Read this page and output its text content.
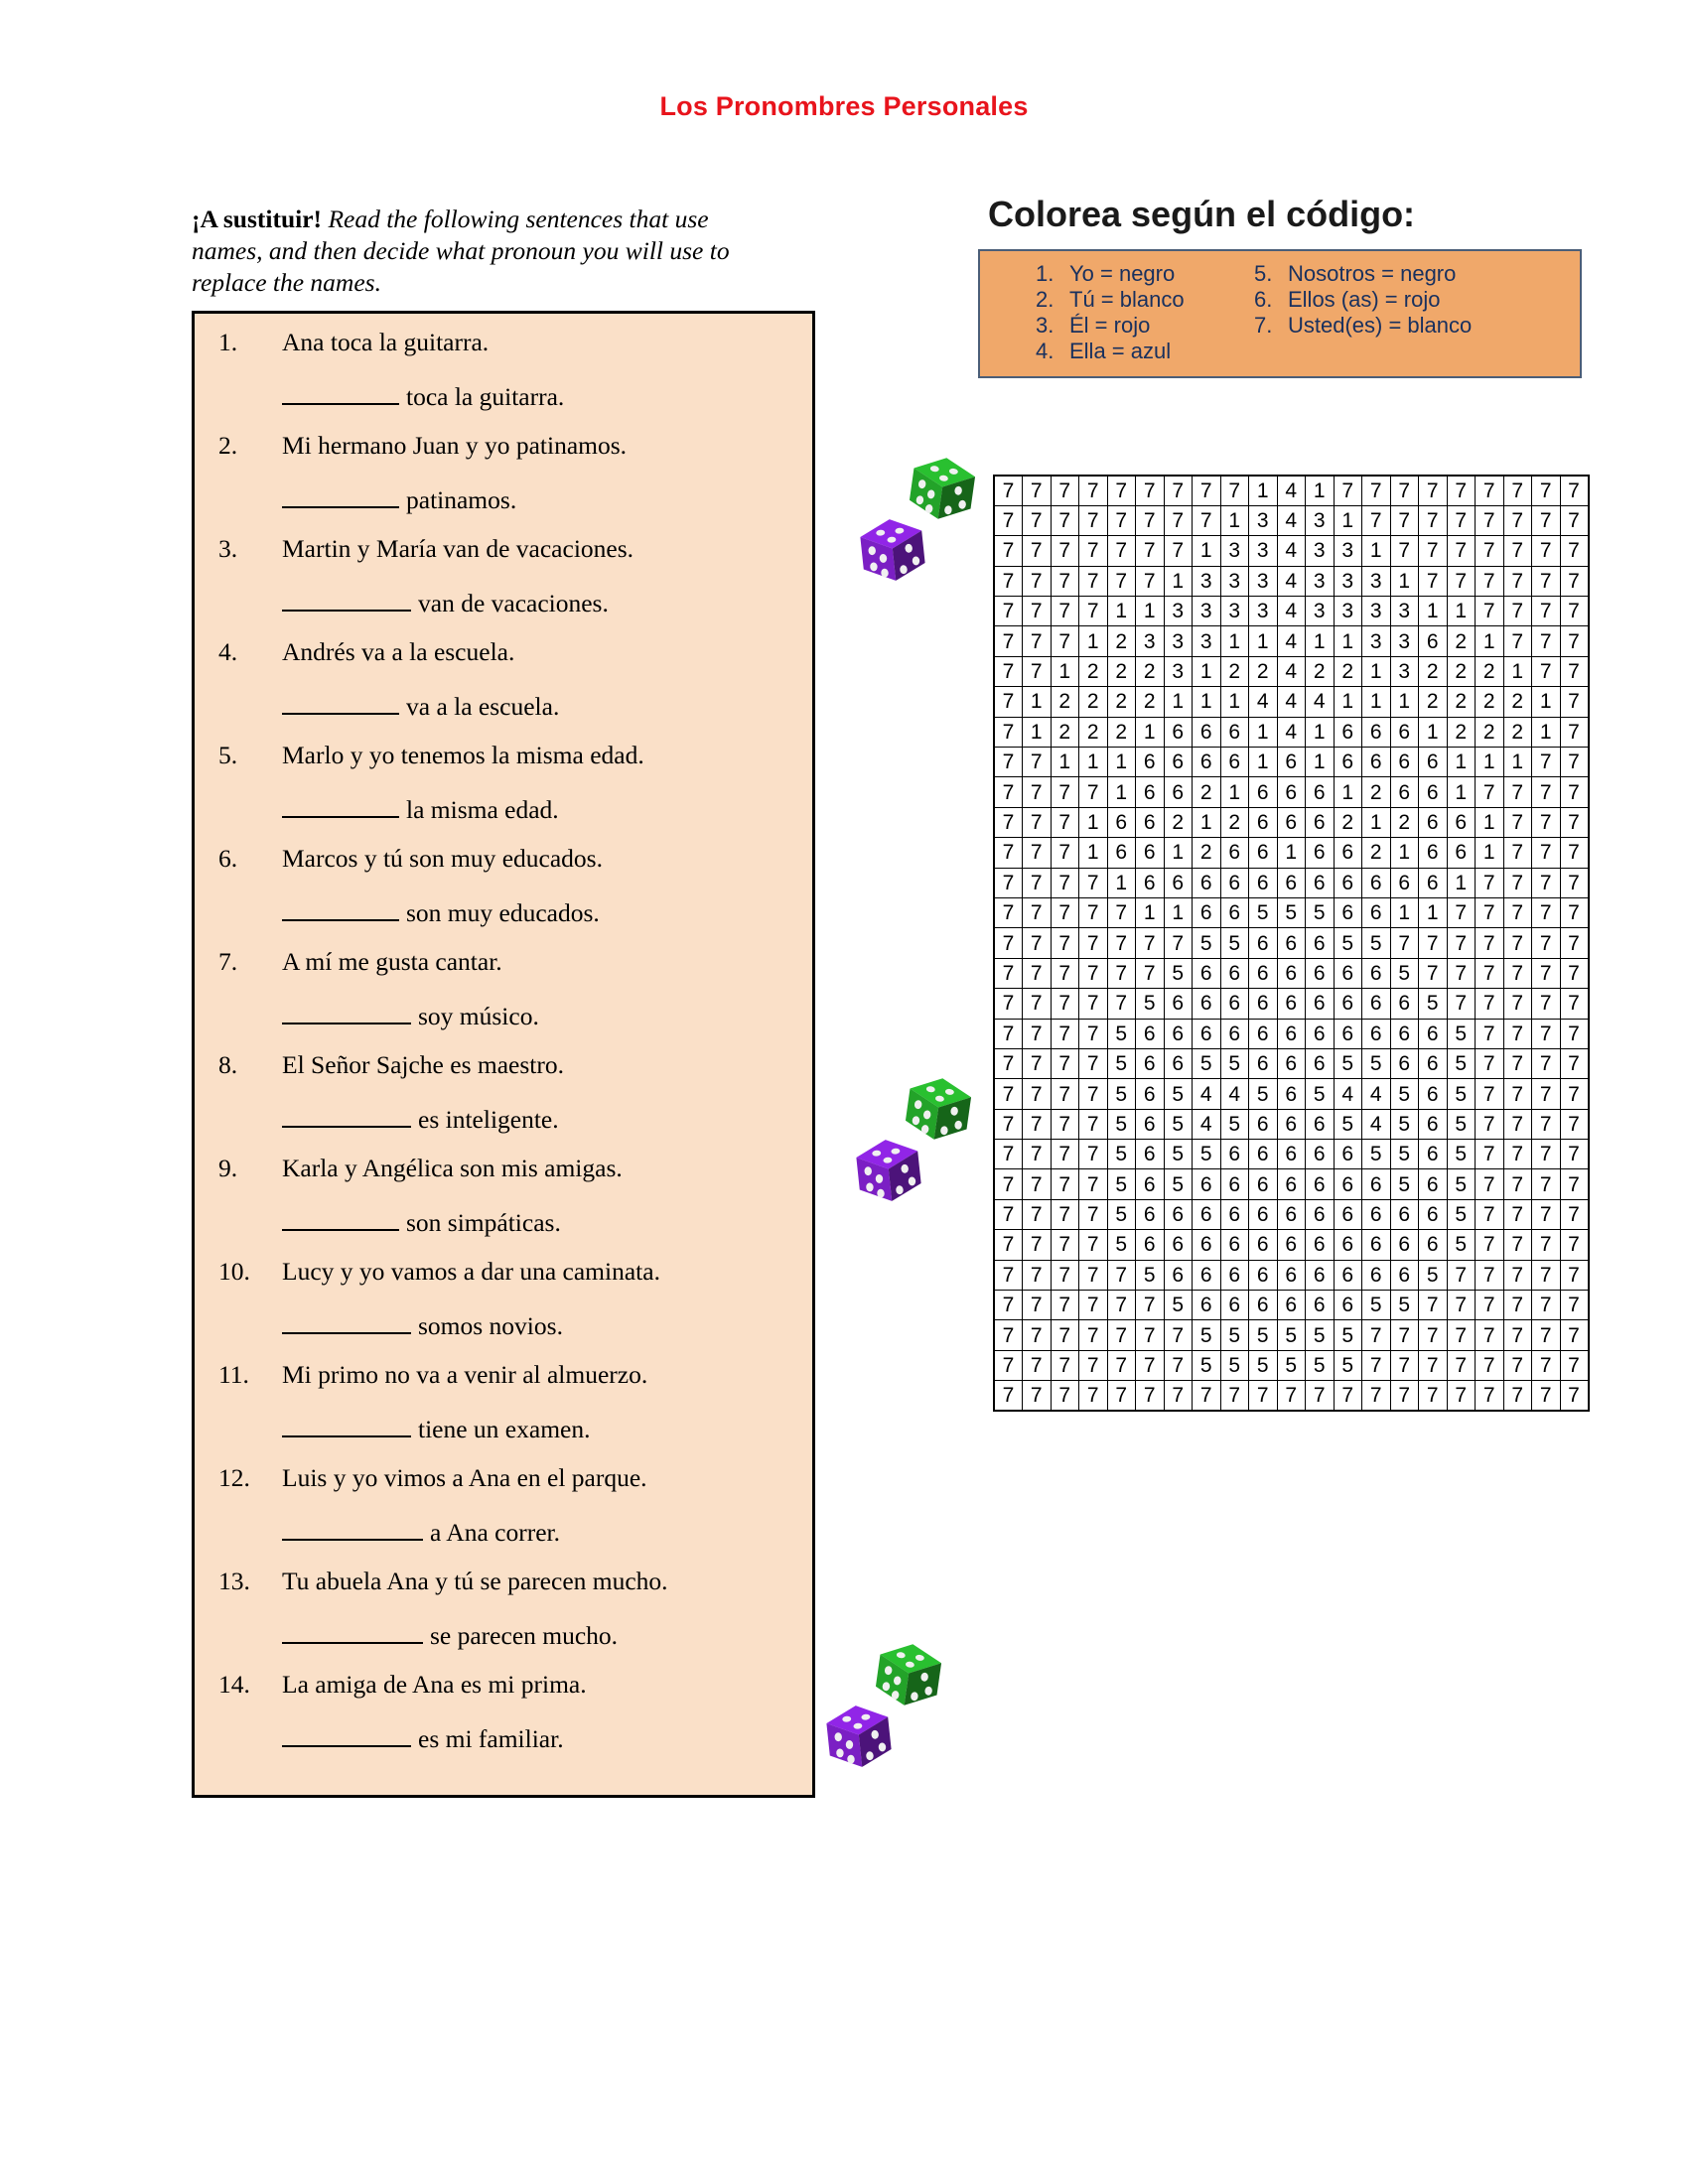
Los Pronombres Personales
¡A sustituir! Read the following sentences that use names, and then decide what pronoun you will use to replace the names.
1.	Ana toca la guitarra.
toca la guitarra.
2.	Mi hermano Juan y yo patinamos.
patinamos.
3.	Martin y María van de vacaciones.
van de vacaciones.
4.	Andrés va a la escuela.
va a la escuela.
5.	Marlo y yo tenemos la misma edad.
la misma edad.
6.	Marcos y tú son muy educados.
son muy educados.
7.	A mí me gusta cantar.
soy músico.
8.	El Señor Sajche es maestro.
es inteligente.
9.	Karla y Angélica son mis amigas.
son simpáticas.
10.	Lucy y yo vamos a dar una caminata.
somos novios.
11.	Mi primo no va a venir al almuerzo.
tiene un examen.
12.	Luis y yo vimos a Ana en el parque.
a Ana correr.
13.	Tu abuela Ana y tú se parecen mucho.
se parecen mucho.
14.	La amiga de Ana es mi prima.
es mi familiar.
Colorea según el código:
1. Yo = negro
2. Tú = blanco
3. Él = rojo
4. Ella = azul
5. Nosotros = negro
6. Ellos (as) = rojo
7. Usted(es) = blanco
7	7	7	7	7	7	7	7	7	1	4	1	7	7	7	7	7	7	7	7	7
7	7	7	7	7	7	7	7	1	3	4	3	1	7	7	7	7	7	7	7	7
7	7	7	7	7	7	7	1	3	3	4	3	3	1	7	7	7	7	7	7	7
7	7	7	7	7	7	1	3	3	3	4	3	3	3	1	7	7	7	7	7	7
7	7	7	7	1	1	3	3	3	3	4	3	3	3	3	1	1	7	7	7	7
7	7	7	1	2	3	3	3	1	1	4	1	1	3	3	6	2	1	7	7	7
7	7	1	2	2	2	3	1	2	2	4	2	2	1	3	2	2	2	1	7	7
7	1	2	2	2	2	1	1	1	4	4	4	1	1	1	2	2	2	2	1	7
7	1	2	2	2	1	6	6	6	1	4	1	6	6	6	1	2	2	2	1	7
7	7	1	1	1	6	6	6	6	1	6	1	6	6	6	6	1	1	1	7	7
7	7	7	7	1	6	6	2	1	6	6	6	1	2	6	6	1	7	7	7	7
7	7	7	1	6	6	2	1	2	6	6	6	2	1	2	6	6	1	7	7	7
7	7	7	1	6	6	1	2	6	6	1	6	6	2	1	6	6	1	7	7	7
7	7	7	7	1	6	6	6	6	6	6	6	6	6	6	6	1	7	7	7	7
7	7	7	7	7	1	1	6	6	5	5	5	6	6	1	1	7	7	7	7	7
7	7	7	7	7	7	7	5	5	6	6	6	5	5	7	7	7	7	7	7	7
7	7	7	7	7	7	5	6	6	6	6	6	6	6	5	7	7	7	7	7	7
7	7	7	7	7	5	6	6	6	6	6	6	6	6	6	5	7	7	7	7	7
7	7	7	7	5	6	6	6	6	6	6	6	6	6	6	6	5	7	7	7	7
7	7	7	7	5	6	6	5	5	6	6	6	5	5	6	6	5	7	7	7	7
7	7	7	7	5	6	5	4	4	5	6	5	4	4	5	6	5	7	7	7	7
7	7	7	7	5	6	5	4	5	6	6	6	5	4	5	6	5	7	7	7	7
7	7	7	7	5	6	5	5	6	6	6	6	6	5	5	6	5	7	7	7	7
7	7	7	7	5	6	5	6	6	6	6	6	6	6	5	6	5	7	7	7	7
7	7	7	7	5	6	6	6	6	6	6	6	6	6	6	6	5	7	7	7	7
7	7	7	7	5	6	6	6	6	6	6	6	6	6	6	6	5	7	7	7	7
7	7	7	7	7	5	6	6	6	6	6	6	6	6	6	5	7	7	7	7	7
7	7	7	7	7	7	5	6	6	6	6	6	6	5	5	7	7	7	7	7	7
7	7	7	7	7	7	7	5	5	5	5	5	5	7	7	7	7	7	7	7	7
7	7	7	7	7	7	7	5	5	5	5	5	5	7	7	7	7	7	7	7	7
7	7	7	7	7	7	7	7	7	7	7	7	7	7	7	7	7	7	7	7	7
